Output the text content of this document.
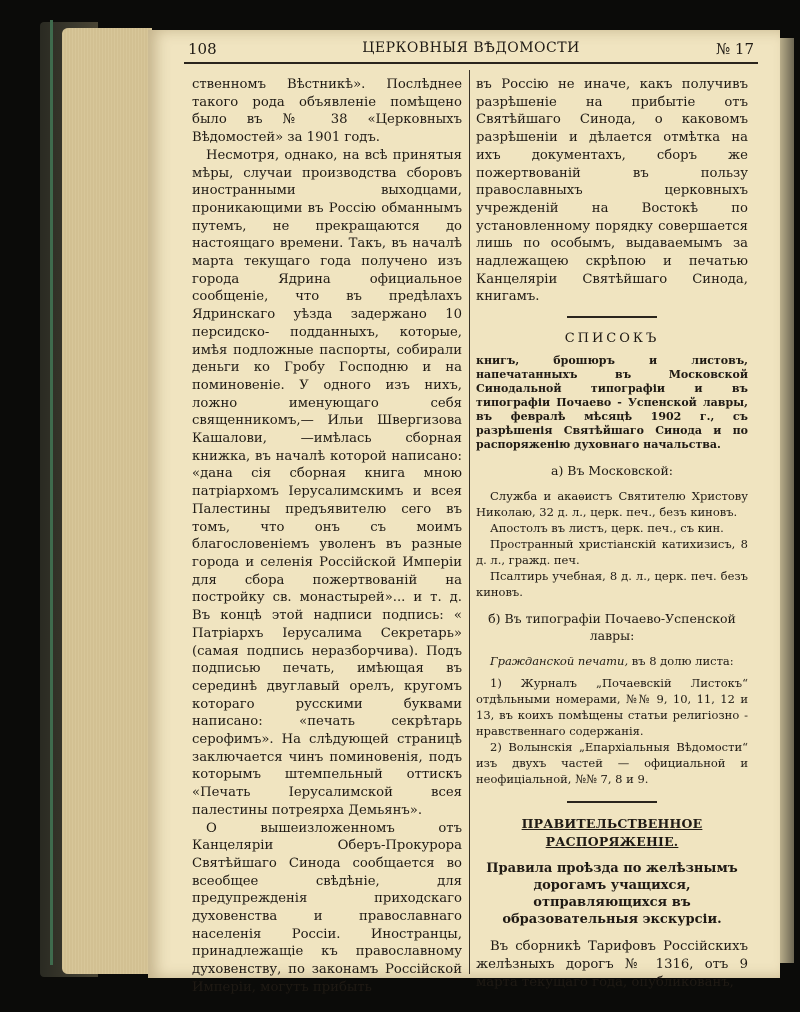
108	ЦЕРКОВНЫЯ ВѢДОМОСТИ	№ 17

ственномъ Вѣстникѣ». Послѣднее такого рода объявленіе помѣщено было въ № 38 «Церковныхъ Вѣдомостей» за 1901 годъ.

Несмотря, однако, на всѣ принятыя мѣры, случаи производства сборовъ иностранными выходцами, проникающими въ Россію обманнымъ путемъ, не прекращаются до настоящаго времени. Такъ, въ началѣ марта текущаго года получено изъ города Ядрина официальное сообщеніе, что въ предѣлахъ Ядринскаго уѣзда задержано 10 персидско- подданныхъ, которые, имѣя подложные паспорты, собирали деньги ко Гробу Господню и на поминовеніе. У одного изъ нихъ, ложно именующаго себя священникомъ,— Ильи Швергизова Кашалови, —имѣлась сборная книжка, въ началѣ которой написано: «дана сія сборная книга мною патріархомъ Іерусалимскимъ и всея Палестины предъявителю сего въ томъ, что онъ съ моимъ благословеніемъ уволенъ въ разные города и селенія Россійской Имперіи для сбора пожертвованій на постройку св. монастырей»... и т. д. Въ концѣ этой надписи подпись: « Патріархъ Іерусалима Секретарь» (самая подпись неразборчива). Подъ подписью печать, имѣющая въ серединѣ двуглавый орелъ, кругомъ котораго русскими буквами написано: «печать секрѣтарь серофимъ». На слѣдующей страницѣ заключается чинъ поминовенія, подъ которымъ штемпельный оттискъ «Печать Іерусалимской всея палестины потреярха Демьянъ».

О вышеизложенномъ отъ Канцеляріи Оберъ-Прокурора Святѣйшаго Синода сообщается во всеобщее свѣдѣніе, для предупрежденія приходскаго духовенства и православнаго населенія Россіи. Иностранцы, принадлежащіе къ православному духовенству, по законамъ Россійской Имперіи, могутъ прибыть

въ Россію не иначе, какъ получивъ разрѣшеніе на прибытіе отъ Святѣйшаго Синода, о каковомъ разрѣшеніи и дѣлается отмѣтка на ихъ документахъ, сборъ же пожертвованій въ пользу православныхъ церковныхъ учрежденій на Востокѣ по установленному порядку совершается лишь по особымъ, выдаваемымъ за надлежащею скрѣпою и печатью Канцеляріи Святѣйшаго Синода, книгамъ.

СПИСОКЪ
книгъ, брошюръ и листовъ, напечатанныхъ въ Московской Синодальной типографіи и въ типографіи Почаево - Успенской лавры, въ февралѣ мѣсяцѣ 1902 г., съ разрѣшенія Святѣйшаго Синода и по распоряженію духовнаго начальства.
а) Въ Московской:

Служба и акаѳистъ Святителю Христову Николаю, 32 д. л., церк. печ., безъ киновъ.

Апостолъ въ листъ, церк. печ., съ кин.

Пространный христіанскій катихизисъ, 8 д. л., гражд. печ.

Псалтирь учебная, 8 д. л., церк. печ. безъ киновъ.

б) Въ типографіи Почаево-Успенской лавры:

Гражданской печати, въ 8 долю листа:

1) Журналъ „Почаевскій Листокъ“ отдѣльными номерами, №№ 9, 10, 11, 12 и 13, въ коихъ помѣщены статьи религіозно - нравственнаго содержанія.

2) Волынскія „Епархіальныя Вѣдомости“ изъ двухъ частей — официальной и неофиціальной, №№ 7, 8 и 9.

ПРАВИТЕЛЬСТВЕННОЕ РАСПОРЯЖЕНІЕ.
Правила проѣзда по желѣзнымъ дорогамъ учащихся, отправляющихся въ образовательныя экскурсіи.

Въ сборникѣ Тарифовъ Россійскихъ желѣзныхъ дорогъ № 1316, отъ 9 марта текущаго года, опубликованъ,
